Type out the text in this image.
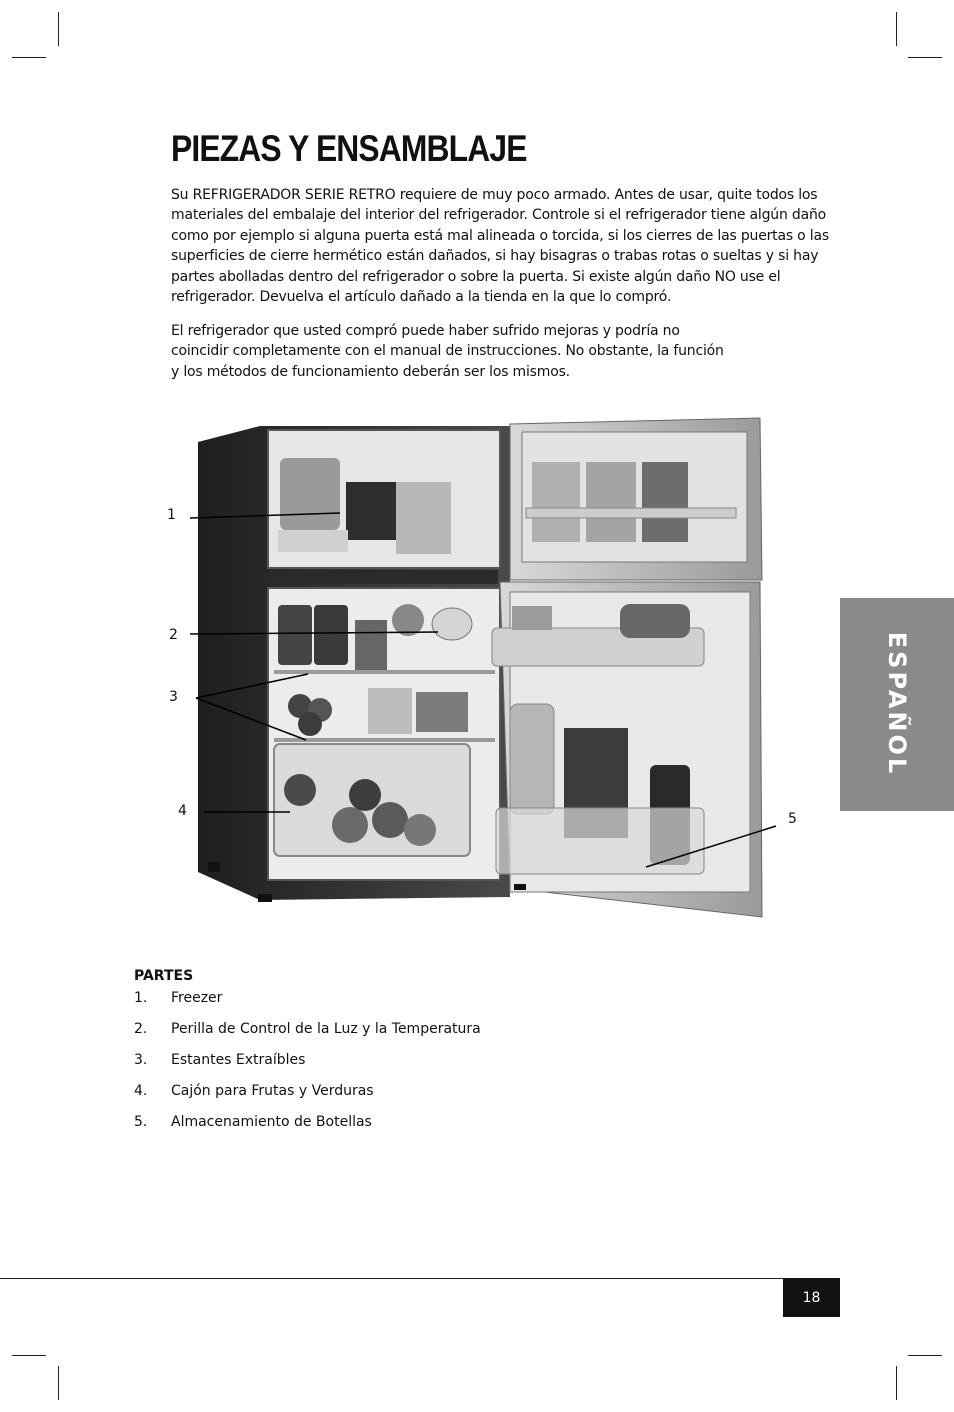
PIEZAS Y ENSAMBLAJE

Su REFRIGERADOR SERIE RETRO requiere de muy poco armado. Antes de usar, quite todos los materiales del embalaje del interior del refrigerador. Controle si el refrigerador tiene algún daño como por ejemplo si alguna puerta está mal alineada o torcida, si los cierres de las puertas o las superficies de cierre hermético están dañados, si hay bisagras o trabas rotas o sueltas y si hay partes abolladas dentro del refrigerador o sobre la puerta. Si existe algún daño NO use el refrigerador. Devuelva el artículo dañado a la tienda en la que lo compró.

El refrigerador que usted compró puede haber sufrido mejoras y podría no coincidir completamente con el manual de instrucciones. No obstante, la función y los métodos de funcionamiento deberán ser los mismos.

1
2
3
4	5
ESPAÑOL
PARTES
1. Freezer
2. Perilla de Control de la Luz y la Temperatura
3. Estantes Extraíbles
4. Cajón para Frutas y Verduras
5. Almacenamiento de Botellas
18
